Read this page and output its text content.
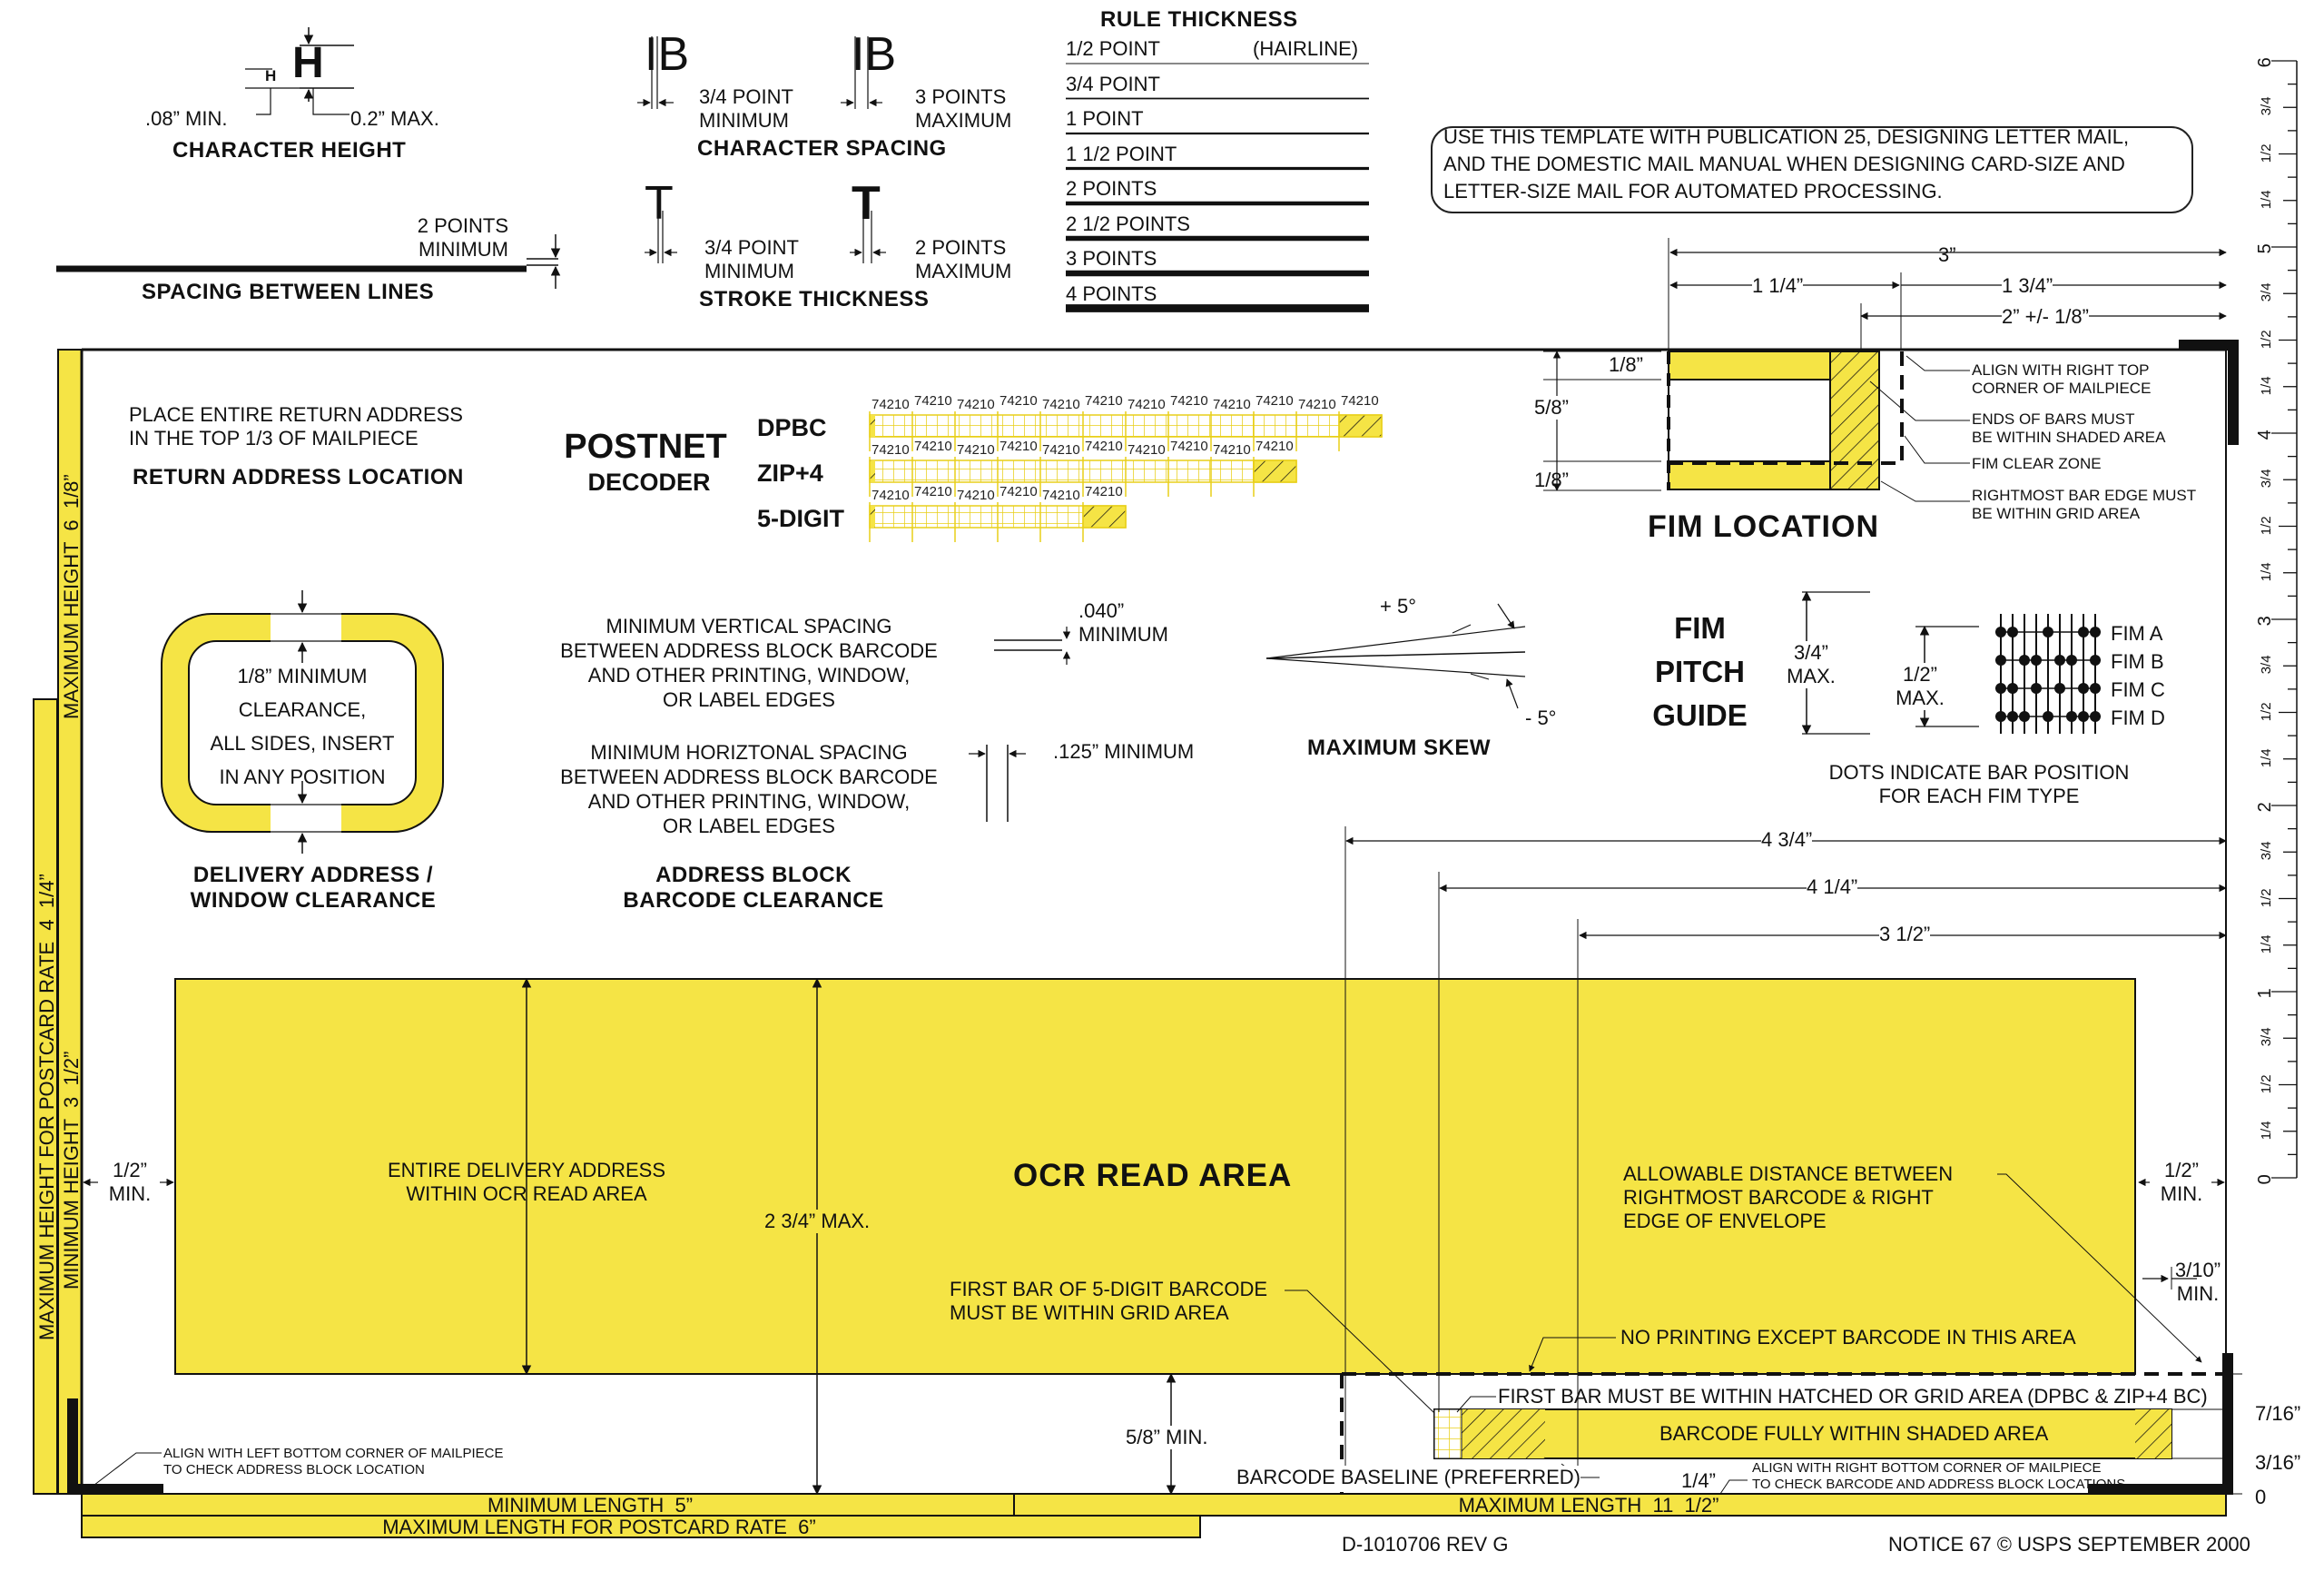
H
H
.08” MIN.	0.2” MAX.
CHARACTER HEIGHT
IB	IB
3/4 POINT
MINIMUM
3 POINTS
MAXIMUM
CHARACTER SPACING
T	T
3/4 POINT
MINIMUM
2 POINTS
MAXIMUM
STROKE THICKNESS
2 POINTS
MINIMUM
SPACING BETWEEN LINES
RULE THICKNESS
1/2 POINT	(HAIRLINE)
3/4 POINT
1 POINT
1 1/2 POINT
2 POINTS
2 1/2 POINTS
3 POINTS
4 POINTS
USE THIS TEMPLATE WITH PUBLICATION 25, DESIGNING LETTER MAIL,
AND THE DOMESTIC MAIL MANUAL WHEN DESIGNING CARD-SIZE AND
LETTER-SIZE MAIL FOR AUTOMATED PROCESSING.
PLACE ENTIRE RETURN ADDRESS
IN THE TOP 1/3 OF MAILPIECE
RETURN ADDRESS LOCATION
POSTNET
DECODER
DPBC
ZIP+4
5-DIGIT
74210 74210 74210 74210 74210 74210 74210 74210 74210 74210 74210 74210
74210 74210 74210 74210 74210 74210 74210 74210 74210 74210
74210 74210 74210 74210 74210 74210
3”
1 1/4”	1 3/4”
2” +/- 1/8”
1/8”
5/8”
1/8”
ALIGN WITH RIGHT TOP
CORNER OF MAILPIECE
ENDS OF BARS MUST
BE WITHIN SHADED AREA
FIM CLEAR ZONE
RIGHTMOST BAR EDGE MUST
BE WITHIN GRID AREA
FIM LOCATION
1/8” MINIMUM
CLEARANCE,
ALL SIDES, INSERT
IN ANY POSITION
DELIVERY ADDRESS /
WINDOW CLEARANCE
MINIMUM VERTICAL SPACING
BETWEEN ADDRESS BLOCK BARCODE
AND OTHER PRINTING, WINDOW,
OR LABEL EDGES
.040”
MINIMUM
MINIMUM HORIZTONAL SPACING
BETWEEN ADDRESS BLOCK BARCODE
AND OTHER PRINTING, WINDOW,
OR LABEL EDGES
.125” MINIMUM
ADDRESS BLOCK
BARCODE CLEARANCE
+ 5°
- 5°
MAXIMUM SKEW
FIM
PITCH
GUIDE
3/4”
MAX.	1/2”
MAX.
FIM A
FIM B
FIM C
FIM D
DOTS INDICATE BAR POSITION
FOR EACH FIM TYPE
4 3/4”
4 1/4”
3 1/2”
1/2”
MIN.
1/2”
MIN.
3/10”
MIN.
2 3/4” MAX.
5/8” MIN.
1/4”
7/16”
3/16”
0
ENTIRE DELIVERY ADDRESS
WITHIN OCR READ AREA
OCR READ AREA	ALLOWABLE DISTANCE BETWEEN
RIGHTMOST BARCODE & RIGHT
EDGE OF ENVELOPE
FIRST BAR OF 5-DIGIT BARCODE
MUST BE WITHIN GRID AREA
NO PRINTING EXCEPT BARCODE IN THIS AREA
FIRST BAR MUST BE WITHIN HATCHED OR GRID AREA (DPBC & ZIP+4 BC)
BARCODE FULLY WITHIN SHADED AREA
BARCODE BASELINE (PREFERRED)
ALIGN WITH LEFT BOTTOM CORNER OF MAILPIECE
TO CHECK ADDRESS BLOCK LOCATION	ALIGN WITH RIGHT BOTTOM CORNER OF MAILPIECE
TO CHECK BARCODE AND ADDRESS BLOCK LOCATIONS
MAXIMUM HEIGHT  6  1/8”
MAXIMUM HEIGHT FOR POSTCARD RATE  4  1/4” MINIMUM HEIGHT  3  1/2”
MINIMUM LENGTH  5”	MAXIMUM LENGTH  11  1/2”
MAXIMUM LENGTH FOR POSTCARD RATE  6”
D-1010706 REV G	NOTICE 67 © USPS SEPTEMBER 2000
6
5
4
3
2
1
0
1/4
1/2
3/4
1/4
1/2
3/4
1/4
1/2
3/4
1/4
1/2
3/4
1/4
1/2
3/4
1/4
1/2
3/4
